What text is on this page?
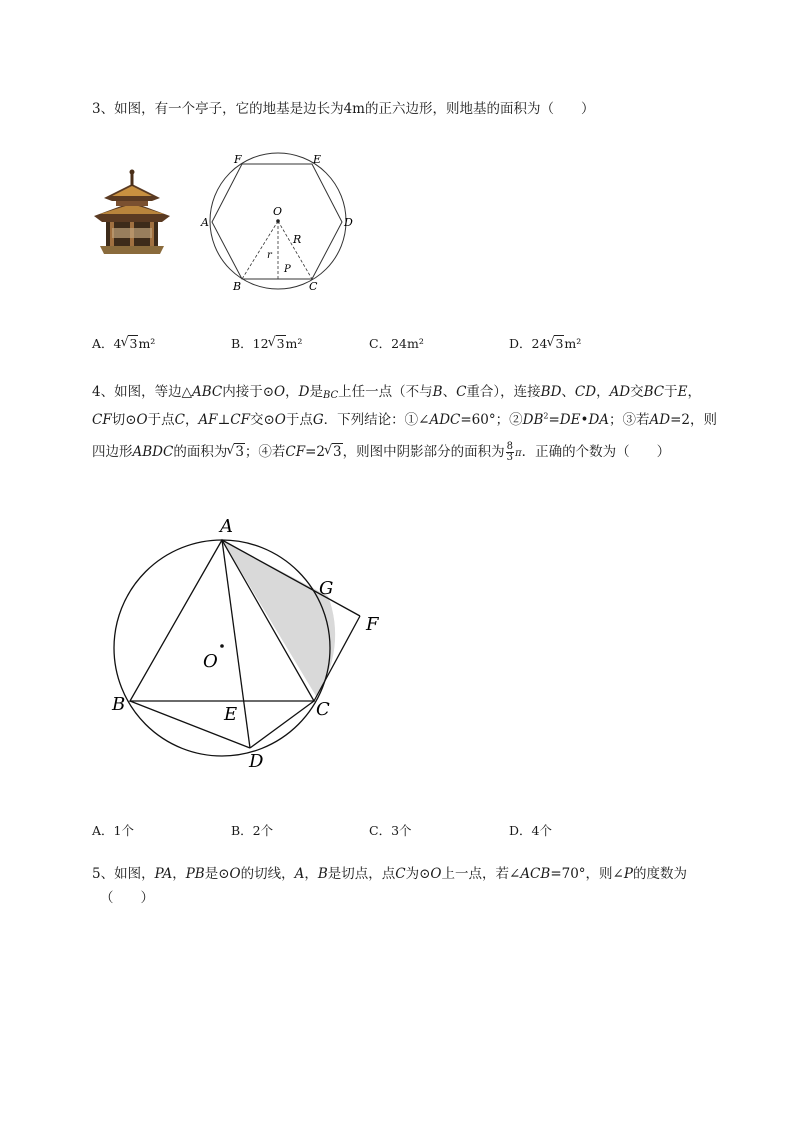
3、如图，有一个亭子，它的地基是边长为4m的正六边形，则地基的面积为（　　）
F	E
A	D
B	C
O
R
r
P
A．4 √ 3m²	B．12 √ 3m²	C．24m²	D．24 √ 3m²
4、如图，等边△ABC内接于⊙O，D是BC上任一点（不与B、C重合），连接BD、CD，AD交BC于E，
CF切⊙O于点C，AF⊥CF交⊙O于点G．下列结论：①∠ADC=60°；$②DB^2=DE•DA$；③若AD=2，则
四边形ABDC的面积为 √ 3；④若CF=2 √ 3，则图中阴影部分的面积为 $\frac{8}{3}$ π．正确的个数为（　　）
A
G
F
O
B	E	C
D
A．1个	B．2个	C．3个	D．4个
5、如图，PA，PB是⊙O的切线，A，B是切点，点C为⊙O上一点，若∠ACB=70°，则∠P的度数为
（　　）
